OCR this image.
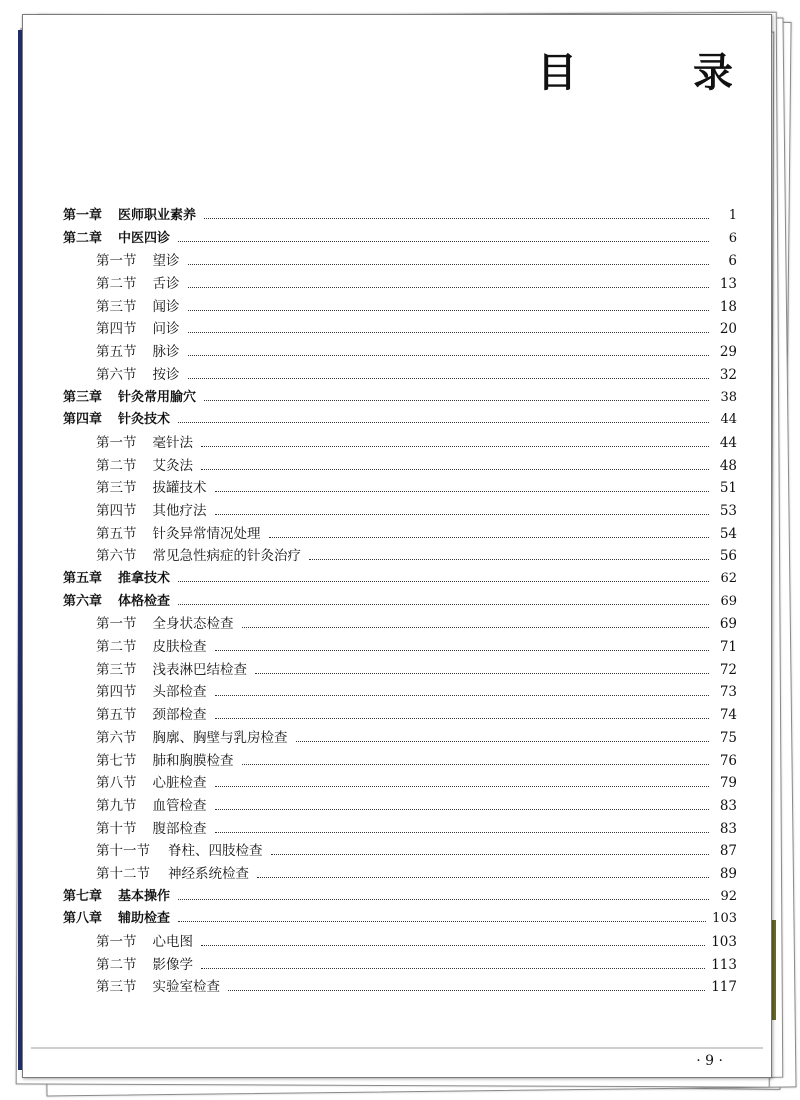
目　录
第一章 医师职业素养	1
第二章 中医四诊	6
第一节 望诊	6
第二节 舌诊	13
第三节 闻诊	18
第四节 问诊	20
第五节 脉诊	29
第六节 按诊	32
第三章 针灸常用腧穴	38
第四章 针灸技术	44
第一节 毫针法	44
第二节 艾灸法	48
第三节 拔罐技术	51
第四节 其他疗法	53
第五节 针灸异常情况处理	54
第六节 常见急性病症的针灸治疗	56
第五章 推拿技术	62
第六章 体格检查	69
第一节 全身状态检查	69
第二节 皮肤检查	71
第三节 浅表淋巴结检查	72
第四节 头部检查	73
第五节 颈部检查	74
第六节 胸廓、胸壁与乳房检查	75
第七节 肺和胸膜检查	76
第八节 心脏检查	79
第九节 血管检查	83
第十节 腹部检查	83
第十一节 脊柱、四肢检查	87
第十二节 神经系统检查	89
第七章 基本操作	92
第八章 辅助检查	103
第一节 心电图	103
第二节 影像学	113
第三节 实验室检查	117
· 9 ·
